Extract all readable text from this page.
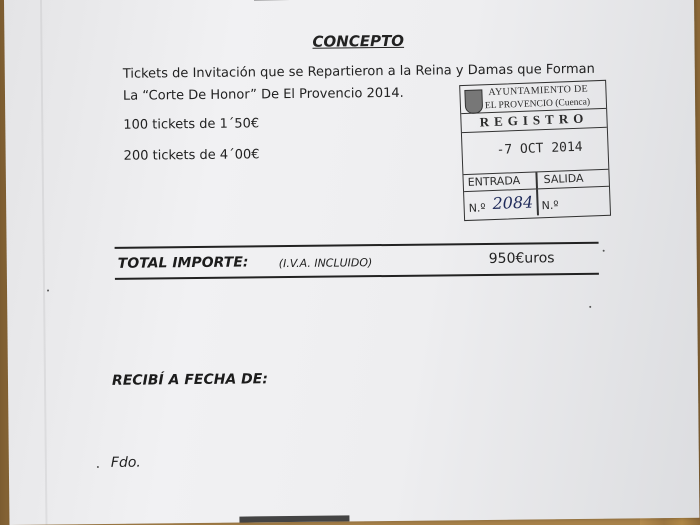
CONCEPTO
Tickets de Invitación que se Repartieron a la Reina y Damas que Forman
La “Corte De Honor” De El Provencio 2014.
100 tickets de 1´50€
200 tickets de 4´00€
AYUNTAMIENTO DE
EL PROVENCIO (Cuenca)
REGISTRO
-7 OCT 2014
ENTRADA SALIDA
N.º 2084 N.º
TOTAL IMPORTE:	(I.V.A. INCLUIDO)	950€uros
RECIBÍ A FECHA DE:
Fdo.
